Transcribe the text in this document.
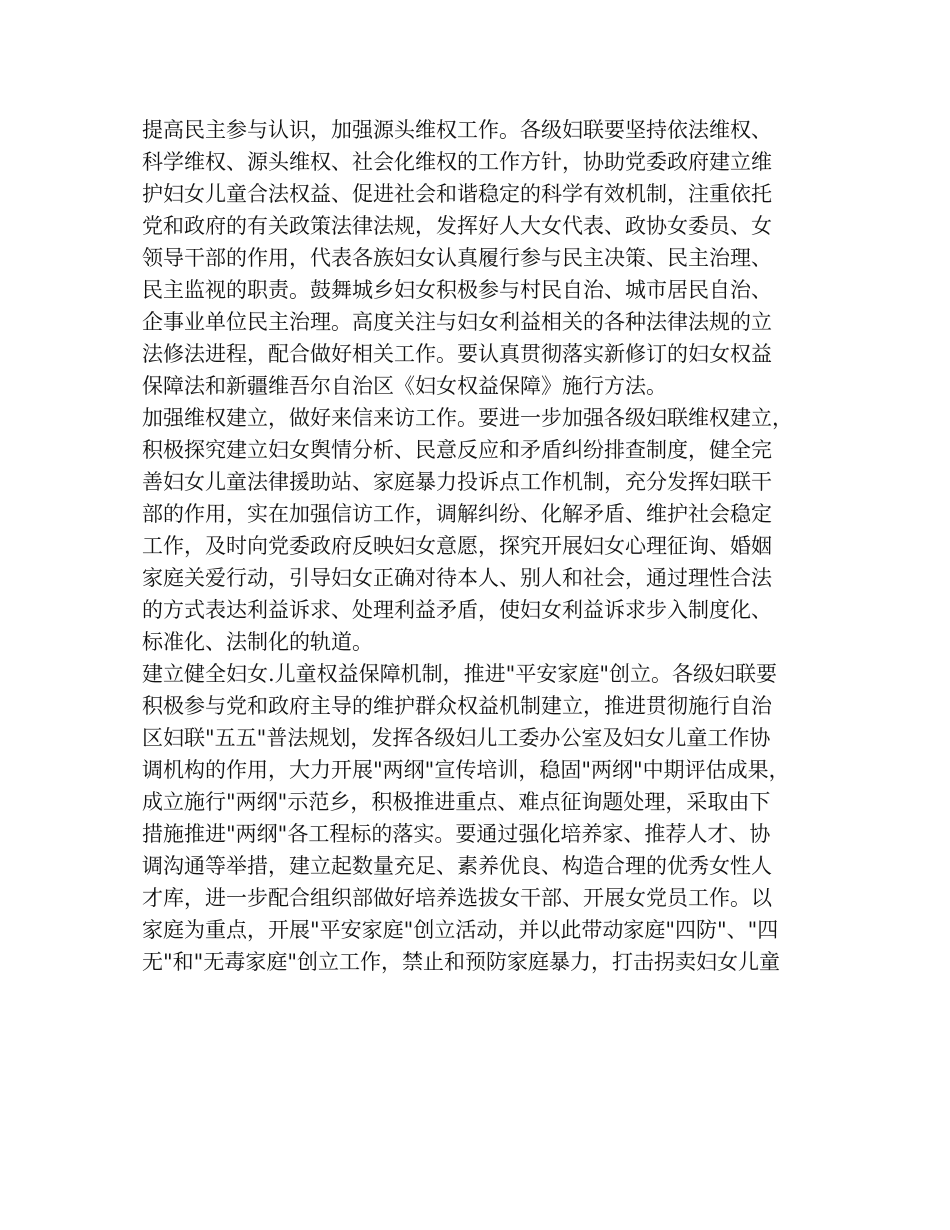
提高民主参与认识，加强源头维权工作。各级妇联要坚持依法维权、
科学维权、源头维权、社会化维权的工作方针，协助党委政府建立维
护妇女儿童合法权益、促进社会和谐稳定的科学有效机制，注重依托
党和政府的有关政策法律法规，发挥好人大女代表、政协女委员、女
领导干部的作用，代表各族妇女认真履行参与民主决策、民主治理、
民主监视的职责。鼓舞城乡妇女积极参与村民自治、城市居民自治、
企事业单位民主治理。高度关注与妇女利益相关的各种法律法规的立
法修法进程，配合做好相关工作。要认真贯彻落实新修订的妇女权益
保障法和新疆维吾尔自治区《妇女权益保障》施行方法。
加强维权建立，做好来信来访工作。要进一步加强各级妇联维权建立，
积极探究建立妇女舆情分析、民意反应和矛盾纠纷排查制度，健全完
善妇女儿童法律援助站、家庭暴力投诉点工作机制，充分发挥妇联干
部的作用，实在加强信访工作，调解纠纷、化解矛盾、维护社会稳定
工作，及时向党委政府反映妇女意愿，探究开展妇女心理征询、婚姻
家庭关爱行动，引导妇女正确对待本人、别人和社会，通过理性合法
的方式表达利益诉求、处理利益矛盾，使妇女利益诉求步入制度化、
标准化、法制化的轨道。
建立健全妇女.儿童权益保障机制，推进"平安家庭"创立。各级妇联要
积极参与党和政府主导的维护群众权益机制建立，推进贯彻施行自治
区妇联"五五"普法规划，发挥各级妇儿工委办公室及妇女儿童工作协
调机构的作用，大力开展"两纲"宣传培训，稳固"两纲"中期评估成果，
成立施行"两纲"示范乡，积极推进重点、难点征询题处理，采取由下
措施推进"两纲"各工程标的落实。要通过强化培养家、推荐人才、协
调沟通等举措，建立起数量充足、素养优良、构造合理的优秀女性人
才库，进一步配合组织部做好培养选拔女干部、开展女党员工作。以
家庭为重点，开展"平安家庭"创立活动，并以此带动家庭"四防"、"四
无"和"无毒家庭"创立工作，禁止和预防家庭暴力，打击拐卖妇女儿童
